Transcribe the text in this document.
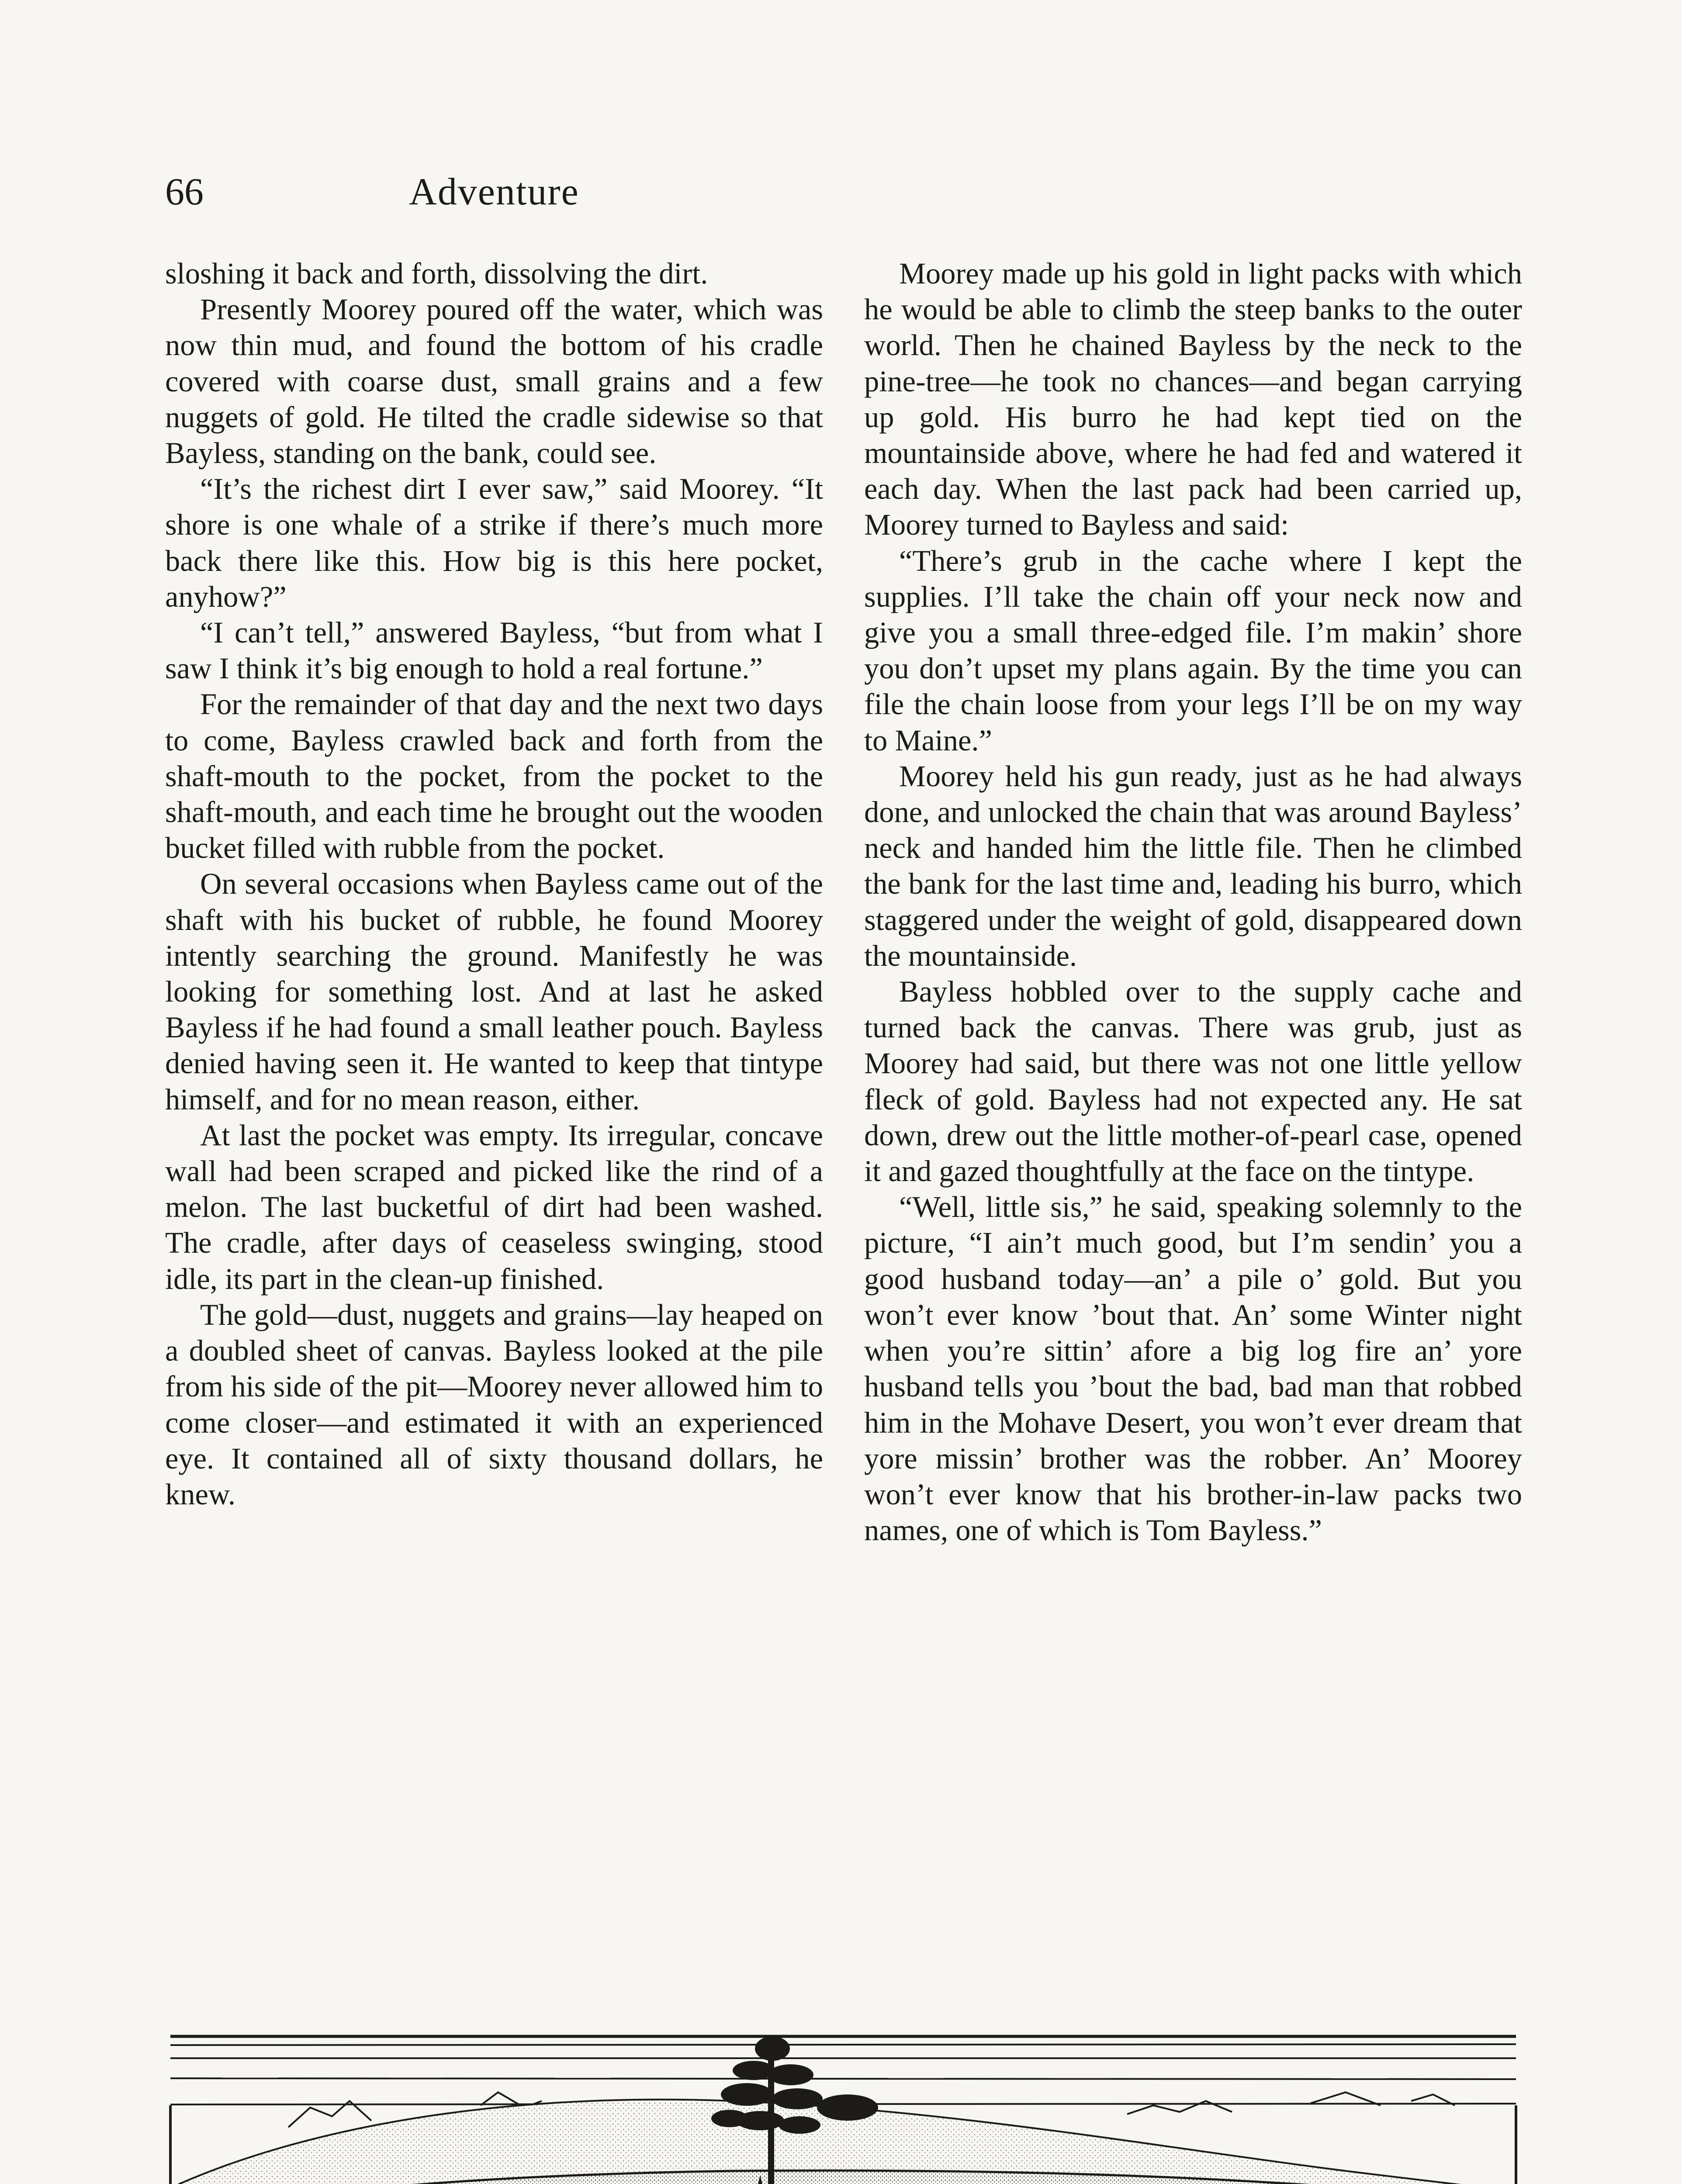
66	Adventure

sloshing it back and forth, dissolving the dirt.

Presently Moorey poured off the water, which was now thin mud, and found the bottom of his cradle covered with coarse dust, small grains and a few nuggets of gold. He tilted the cradle sidewise so that Bayless, standing on the bank, could see.

“It’s the richest dirt I ever saw,” said Moorey. “It shore is one whale of a strike if there’s much more back there like this. How big is this here pocket, anyhow?”

“I can’t tell,” answered Bayless, “but from what I saw I think it’s big enough to hold a real fortune.”

For the remainder of that day and the next two days to come, Bayless crawled back and forth from the shaft-mouth to the pocket, from the pocket to the shaft-mouth, and each time he brought out the wooden bucket filled with rubble from the pocket.

On several occasions when Bayless came out of the shaft with his bucket of rubble, he found Moorey intently searching the ground. Manifestly he was looking for something lost. And at last he asked Bayless if he had found a small leather pouch. Bayless denied having seen it. He wanted to keep that tintype himself, and for no mean reason, either.

At last the pocket was empty. Its irregular, concave wall had been scraped and picked like the rind of a melon. The last bucketful of dirt had been washed. The cradle, after days of ceaseless swinging, stood idle, its part in the clean-up finished.

The gold—dust, nuggets and grains—lay heaped on a doubled sheet of canvas. Bayless looked at the pile from his side of the pit—Moorey never allowed him to come closer—and estimated it with an experienced eye. It contained all of sixty thousand dollars, he knew.

Moorey made up his gold in light packs with which he would be able to climb the steep banks to the outer world. Then he chained Bayless by the neck to the pine-tree—he took no chances—and began carrying up gold. His burro he had kept tied on the mountainside above, where he had fed and watered it each day. When the last pack had been carried up, Moorey turned to Bayless and said:

“There’s grub in the cache where I kept the supplies. I’ll take the chain off your neck now and give you a small three-edged file. I’m makin’ shore you don’t upset my plans again. By the time you can file the chain loose from your legs I’ll be on my way to Maine.”

Moorey held his gun ready, just as he had always done, and unlocked the chain that was around Bayless’ neck and handed him the little file. Then he climbed the bank for the last time and, leading his burro, which staggered under the weight of gold, disappeared down the mountainside.

Bayless hobbled over to the supply cache and turned back the canvas. There was grub, just as Moorey had said, but there was not one little yellow fleck of gold. Bayless had not expected any. He sat down, drew out the little mother-of-pearl case, opened it and gazed thoughtfully at the face on the tintype.

“Well, little sis,” he said, speaking solemnly to the picture, “I ain’t much good, but I’m sendin’ you a good husband today—an’ a pile o’ gold. But you won’t ever know ’bout that. An’ some Winter night when you’re sittin’ afore a big log fire an’ yore husband tells you ’bout the bad, bad man that robbed him in the Mohave Desert, you won’t ever dream that yore missin’ brother was the robber. An’ Moorey won’t ever know that his brother-in-law packs two names, one of which is Tom Bayless.”
